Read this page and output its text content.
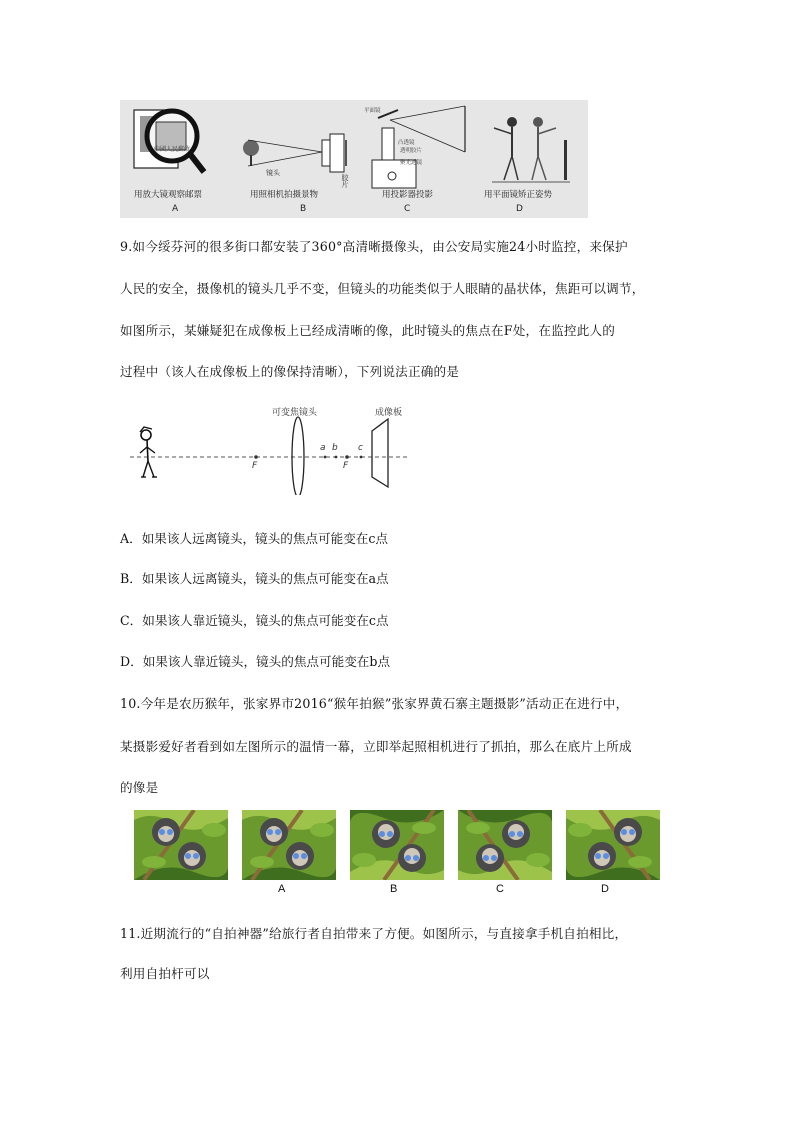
中國人民郵政
镜头
胶片
平面镜
凸透镜
透明胶片
聚光透镜
用放大镜观察邮票	用照相机拍摄景物	用投影器投影	用平面镜矫正姿势
A	B	C	D
9.如今绥芬河的很多街口都安装了360°高清晰摄像头，由公安局实施24小时监控，来保护
人民的安全，摄像机的镜头几乎不变，但镜头的功能类似于人眼睛的晶状体，焦距可以调节，
如图所示，某嫌疑犯在成像板上已经成清晰的像，此时镜头的焦点在F处，在监控此人的
过程中（该人在成像板上的像保持清晰），下列说法正确的是
可变焦镜头	成像板
F	F
a b c
A．如果该人远离镜头，镜头的焦点可能变在c点
B．如果该人远离镜头，镜头的焦点可能变在a点
C．如果该人靠近镜头，镜头的焦点可能变在c点
D．如果该人靠近镜头，镜头的焦点可能变在b点
10.今年是农历猴年，张家界市2016“猴年拍猴”张家界黄石寨主题摄影”活动正在进行中，
某摄影爱好者看到如左图所示的温情一幕，立即举起照相机进行了抓拍，那么在底片上所成
的像是
A	B	C	D
11.近期流行的“自拍神器”给旅行者自拍带来了方便。如图所示，与直接拿手机自拍相比，
利用自拍杆可以
